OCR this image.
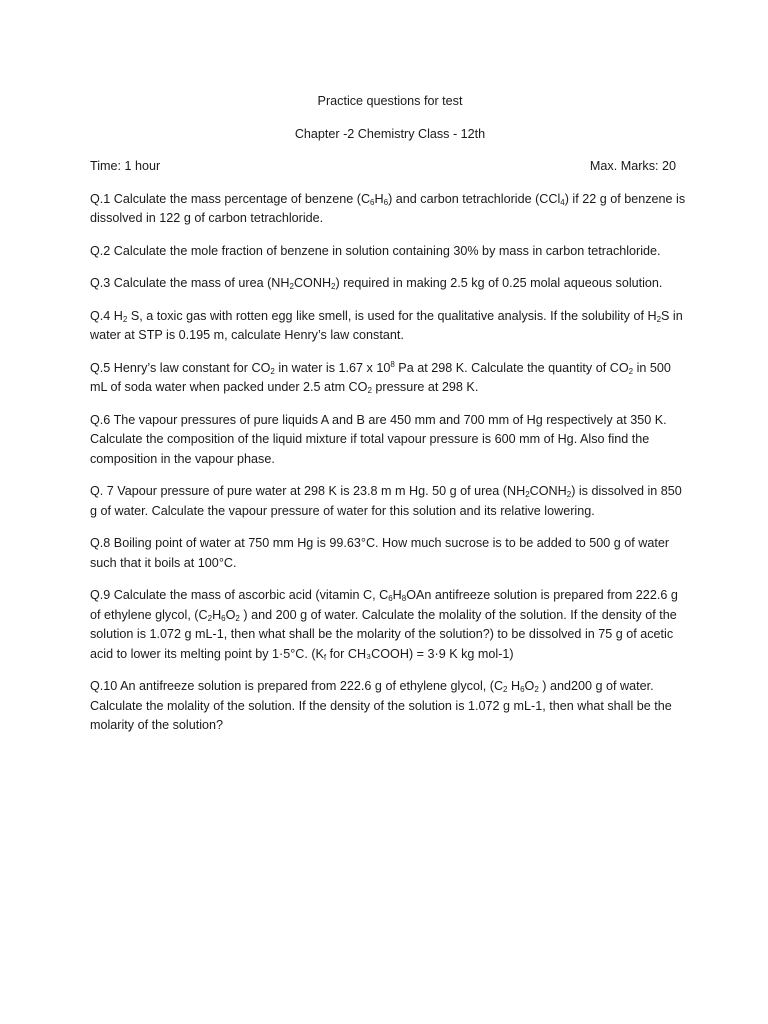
Practice questions for test

Chapter -2 Chemistry Class - 12th

Time: 1 hour	Max. Marks: 20

Q.1 Calculate the mass percentage of benzene $(C_6H_6)$ and carbon tetrachloride (CCl$_4$) if 22 g of benzene is dissolved in 122 g of carbon tetrachloride.

Q.2 Calculate the mole fraction of benzene in solution containing 30% by mass in carbon tetrachloride.

Q.3 Calculate the mass of urea $(NH_2CONH_2)$ required in making 2.5 kg of 0.25 molal aqueous solution.

Q.4 $H_2$ S, a toxic gas with rotten egg like smell, is used for the qualitative analysis. If the solubility of $H_2S$ in water at STP is 0.195 m, calculate Henry’s law constant.

Q.5 Henry’s law constant for $CO_2$ in water is 1.67 x $10^8$ Pa at 298 K. Calculate the quantity of $CO_2$ in 500 mL of soda water when packed under 2.5 atm $CO_2$ pressure at 298 K.

Q.6 The vapour pressures of pure liquids A and B are 450 mm and 700 mm of Hg respectively at 350 K. Calculate the composition of the liquid mixture if total vapour pressure is 600 mm of Hg. Also find the composition in the vapour phase.

Q. 7 Vapour pressure of pure water at 298 K is 23.8 m m Hg. 50 g of urea $(NH_2CONH_2)$ is dissolved in 850 g of water. Calculate the vapour pressure of water for this solution and its relative lowering.

Q.8 Boiling point of water at 750 mm Hg is 99.63°C. How much sucrose is to be added to 500 g of water such that it boils at 100°C.

Q.9 Calculate the mass of ascorbic acid (vitamin C, $C_6H_8OAn$ antifreeze solution is prepared from 222.6 g of ethylene glycol, ($C_2H_6O_2$ ) and 200 g of water. Calculate the molality of the solution. If the density of the solution is 1.072 g mL-1, then what shall be the molarity of the solution?) to be dissolved in 75 g of acetic acid to lower its melting point by 1·5°C. ($K_f$ for CH₃COOH) = 3·9 K kg mol-1)

Q.10 An antifreeze solution is prepared from 222.6 g of ethylene glycol, ($C_2$ $H_6O_2$ ) and200 g of water. Calculate the molality of the solution. If the density of the solution is 1.072 g mL-1, then what shall be the molarity of the solution?
